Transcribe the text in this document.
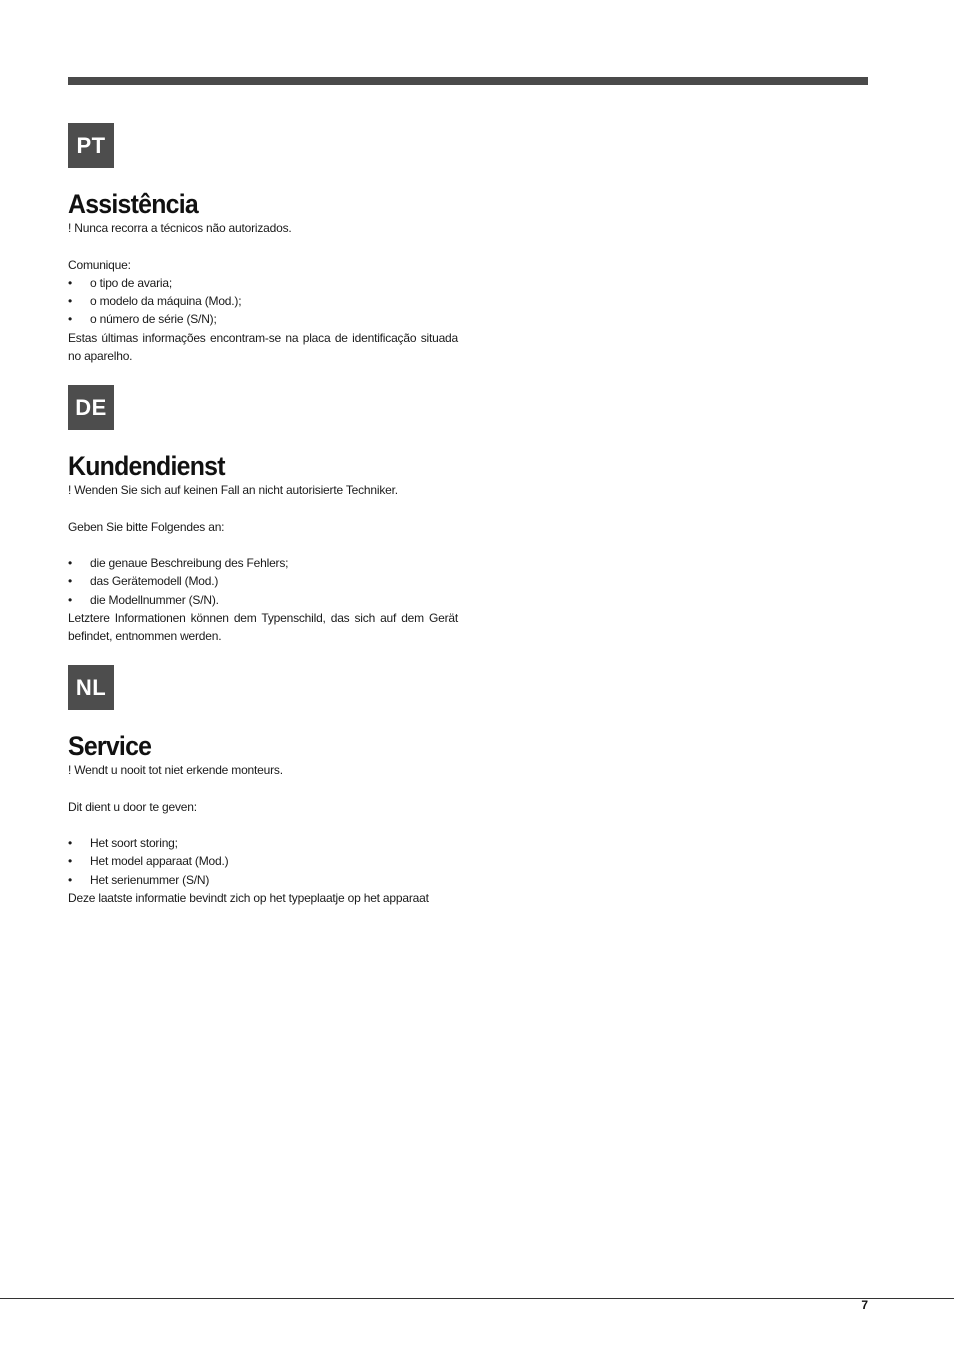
PT
Assistência

! Nunca recorra a técnicos não autorizados.

Comunique:

• o tipo de avaria;
• o modelo da máquina (Mod.);
• o número de série (S/N);

Estas últimas informações encontram-se na placa de identificação situada no aparelho.

DE
Kundendienst

! Wenden Sie sich auf keinen Fall an nicht autorisierte Techniker.

Geben Sie bitte Folgendes an:

• die genaue Beschreibung des Fehlers;
• das Gerätemodell (Mod.)
• die Modellnummer (S/N).

Letztere Informationen können dem Typenschild, das sich auf dem Gerät befindet, entnommen werden.

NL
Service

! Wendt u nooit tot niet erkende monteurs.

Dit dient u door te geven:

• Het soort storing;
• Het model apparaat (Mod.)
• Het serienummer (S/N)

Deze laatste informatie bevindt zich op het typeplaatje op het apparaat

7
